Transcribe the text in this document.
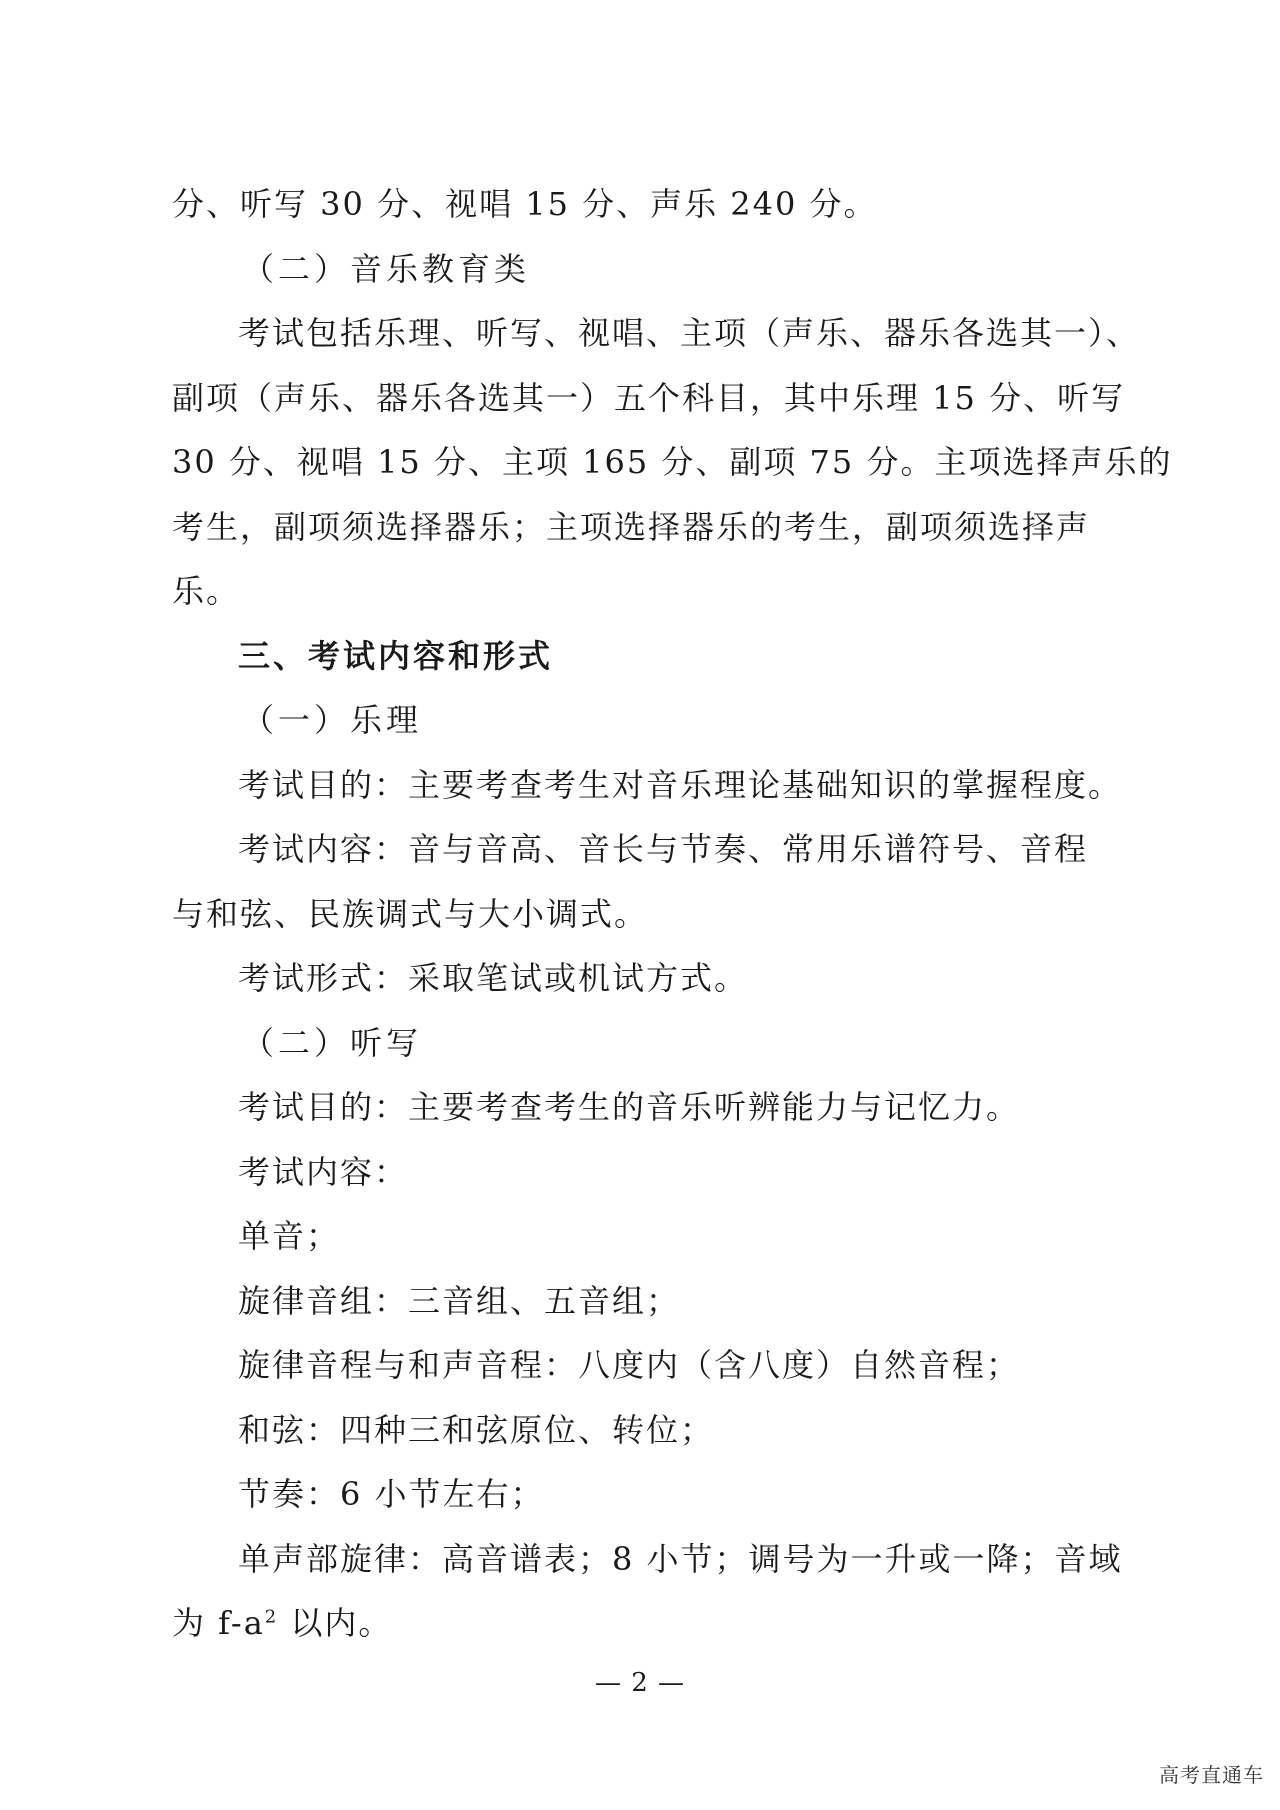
分、听写 30 分、视唱 15 分、声乐 240 分。
（二）音乐教育类
考试包括乐理、听写、视唱、主项（声乐、器乐各选其一）、
副项（声乐、器乐各选其一）五个科目，其中乐理 15 分、听写
30 分、视唱 15 分、主项 165 分、副项 75 分。主项选择声乐的
考生，副项须选择器乐；主项选择器乐的考生，副项须选择声
乐。
三、考试内容和形式
（一）乐理
考试目的：主要考查考生对音乐理论基础知识的掌握程度。
考试内容：音与音高、音长与节奏、常用乐谱符号、音程
与和弦、民族调式与大小调式。
考试形式：采取笔试或机试方式。
（二）听写
考试目的：主要考查考生的音乐听辨能力与记忆力。
考试内容：
单音；
旋律音组：三音组、五音组；
旋律音程与和声音程：八度内（含八度）自然音程；
和弦：四种三和弦原位、转位；
节奏：6 小节左右；
单声部旋律：高音谱表；8 小节；调号为一升或一降；音域
为 $f-a^2$ 以内。
— 2 —
高考直通车
